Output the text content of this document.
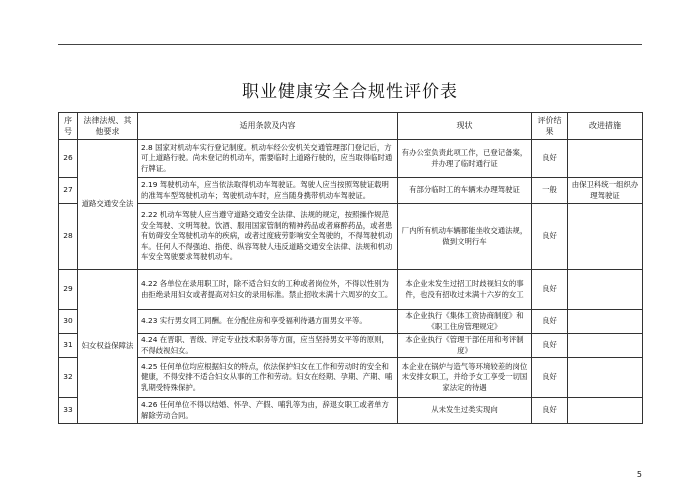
职业健康安全合规性评价表
序号	法律法规、其他要求	适用条款及内容	现状	评价结果	改进措施
26	道路交通安全法	2.8 国家对机动车实行登记制度。机动车经公安机关交通管理部门登记后，方可上道路行驶。尚未登记的机动车，需要临时上道路行驶的，应当取得临时通行牌证。	有办公室负责此项工作，已登记备案，并办理了临时通行证	良好	
27		2.19 驾驶机动车，应当依法取得机动车驾驶证。驾驶人应当按照驾驶证载明的准驾车型驾驶机动车；驾驶机动车时，应当随身携带机动车驾驶证。	有部分临时工的车辆未办理驾驶证	一般	由保卫科统一组织办理驾驶证
28		2.22 机动车驾驶人应当遵守道路交通安全法律、法规的规定，按照操作规范安全驾驶、文明驾驶。饮酒、服用国家管制的精神药品或者麻醉药品，或者患有妨碍安全驾驶机动车的疾病，或者过度疲劳影响安全驾驶的，不得驾驶机动车。任何人不得强迫、指使、纵容驾驶人违反道路交通安全法律、法规和机动车安全驾驶要求驾驶机动车。	厂内所有机动车辆都能坐收交通法规，做到文明行车	良好	
29	妇女权益保障法	4.22 各单位在录用职工时，除不适合妇女的工种或者岗位外，不得以性别为由拒绝录用妇女或者提高对妇女的录用标准。禁止招收未满十六周岁的女工。	本企业未发生过招工时歧视妇女的事件，也没有招收过未满十六岁的女工	良好	
30		4.23 实行男女同工同酬。在分配住房和享受福利待遇方面男女平等。	本企业执行《集体工资协商制度》和《职工住房管理规定》	良好	
31		4.24 在晋职、晋级、评定专业技术职务等方面，应当坚持男女平等的原则，不得歧视妇女。	本企业执行《管理干部任用和考评制度》	良好	
32		4.25 任何单位均应根据妇女的特点，依法保护妇女在工作和劳动时的安全和健康，不得安排不适合妇女从事的工作和劳动。妇女在经期、孕期、产期、哺乳期受特殊保护。	本企业在锅炉与造气等环境较差的岗位未安排女职工，并给予女工享受一切国家法定的待遇	良好	
33		4.26 任何单位不得以结婚、怀孕、产假、哺乳等为由，辞退女职工或者单方解除劳动合同。	从未发生过类实现向	良好	
5
